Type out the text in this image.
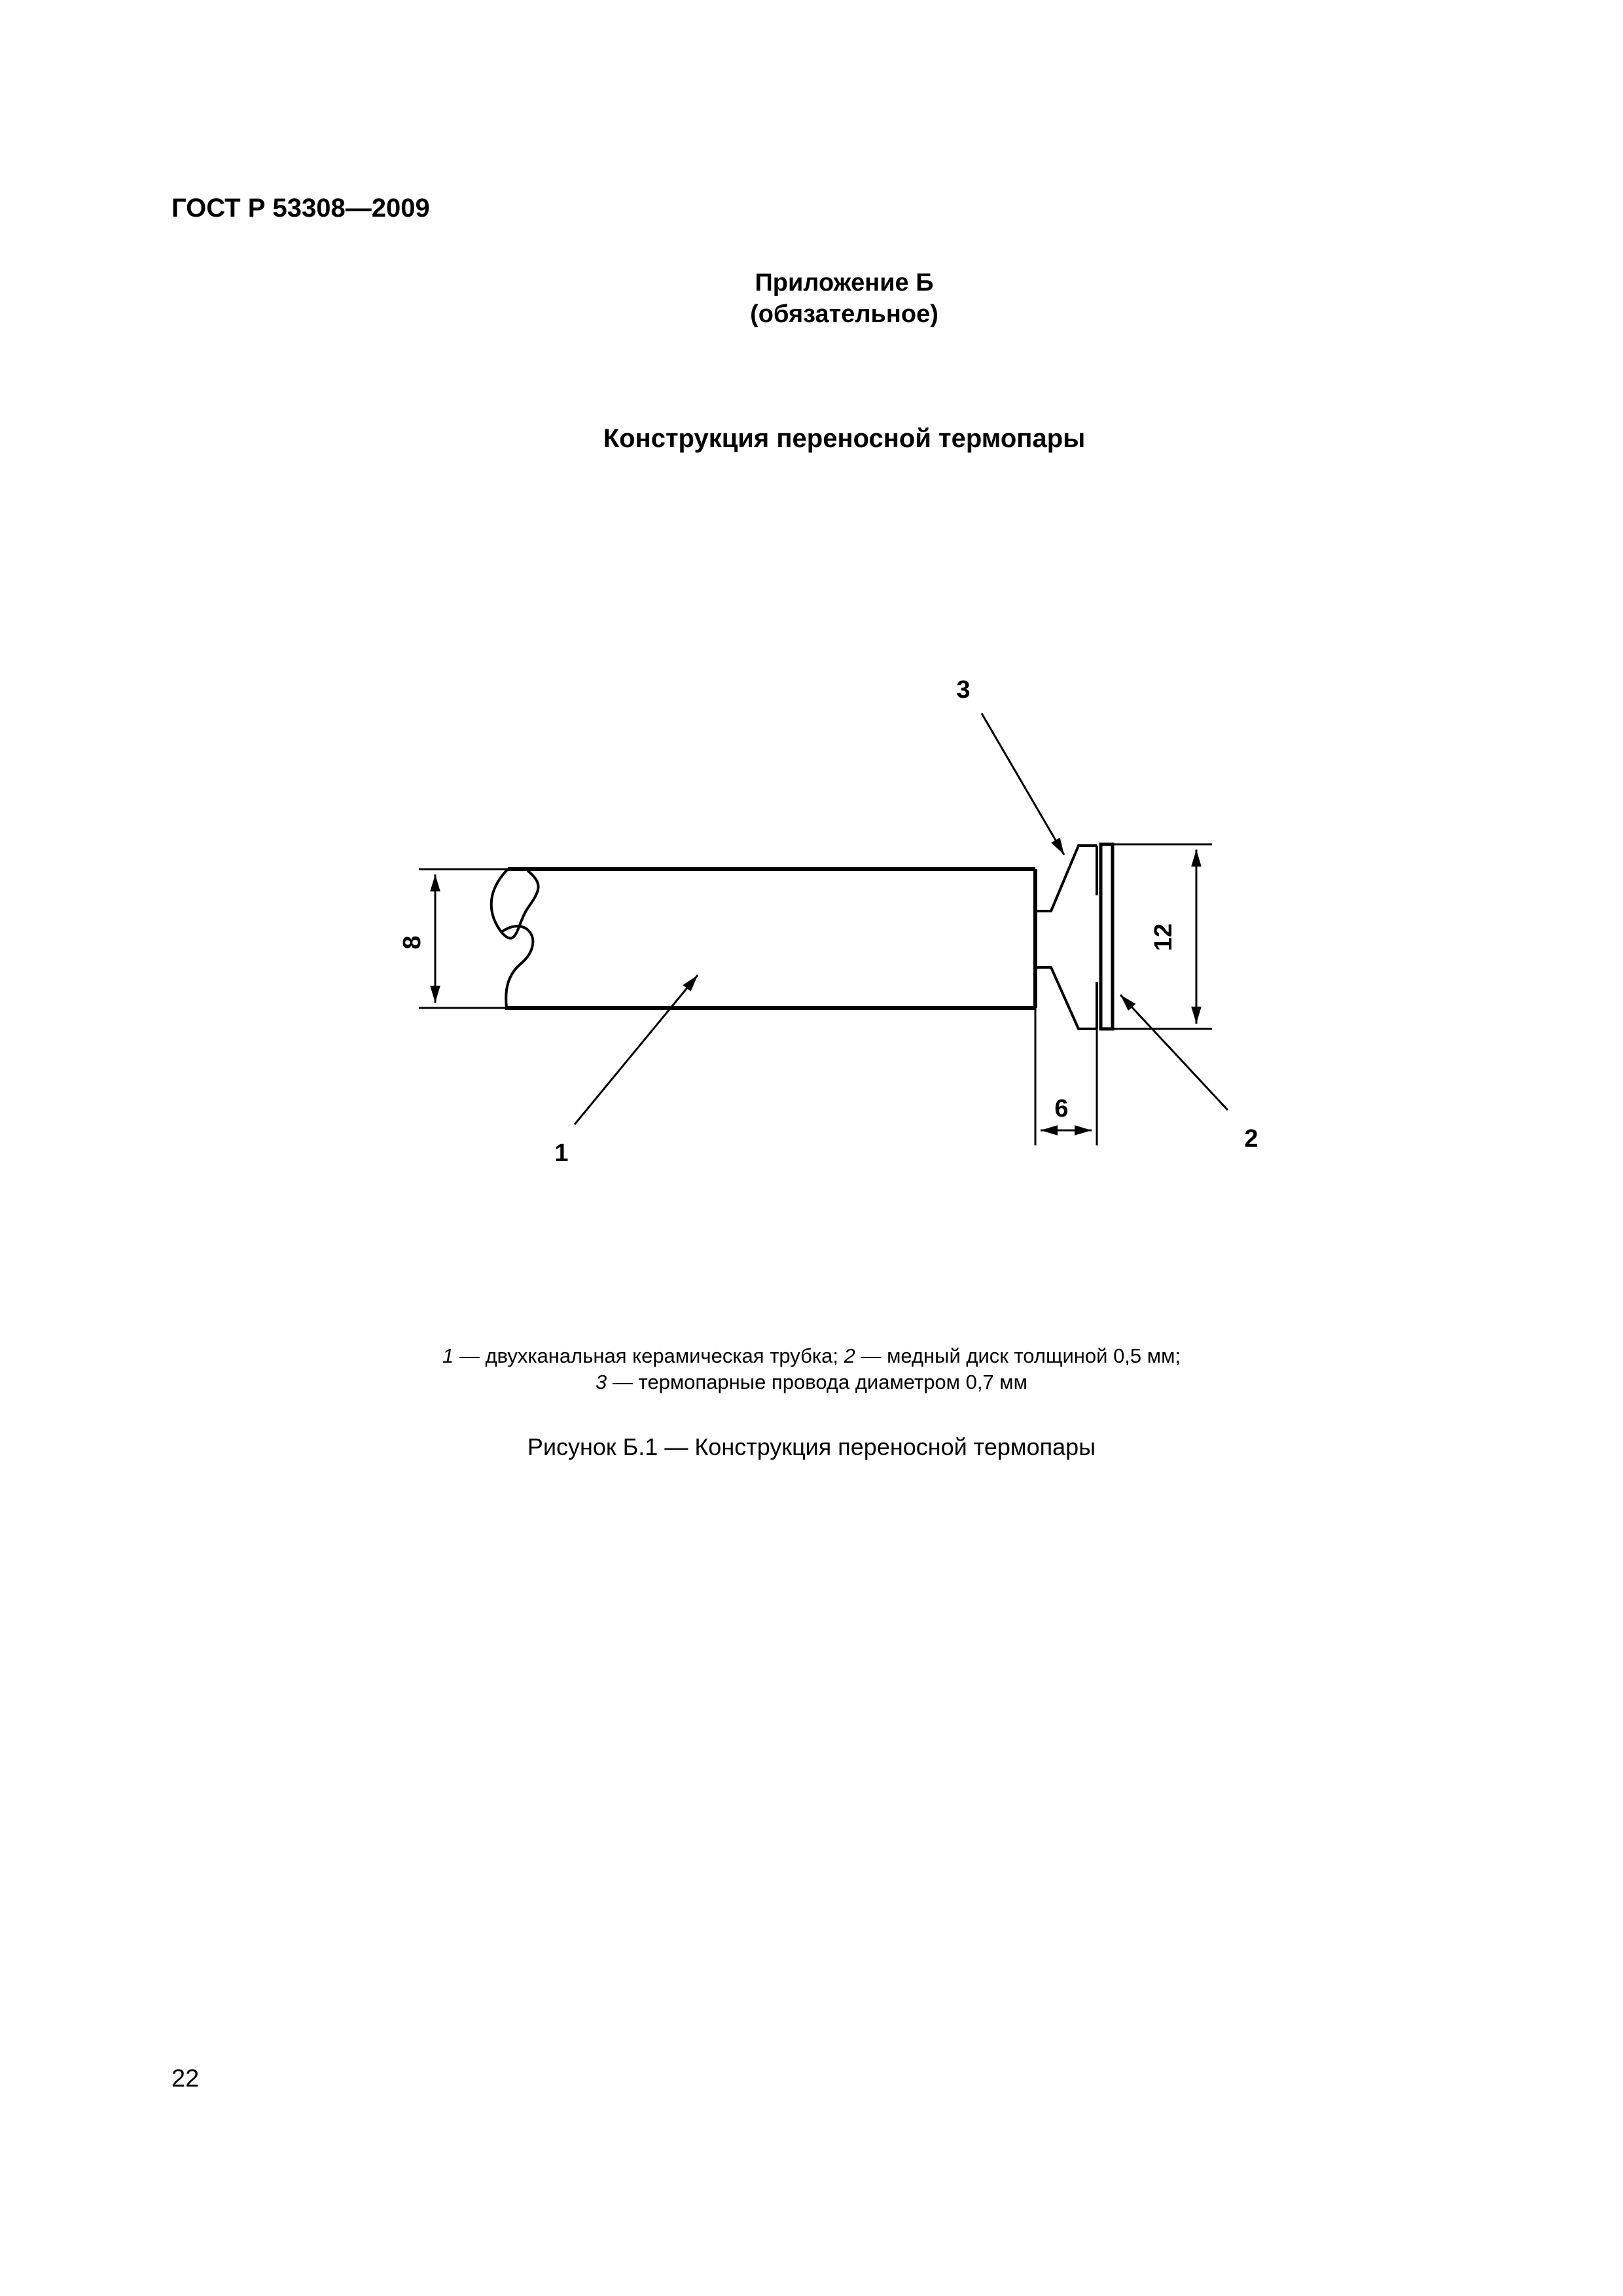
ГОСТ Р 53308—2009
Приложение Б
(обязательное)
Конструкция переносной термопары
8	12
6
1
2
3
1 — двухканальная керамическая трубка; 2 — медный диск толщиной 0,5 мм;
3 — термопарные провода диаметром 0,7 мм
Рисунок Б.1 — Конструкция переносной термопары
22
